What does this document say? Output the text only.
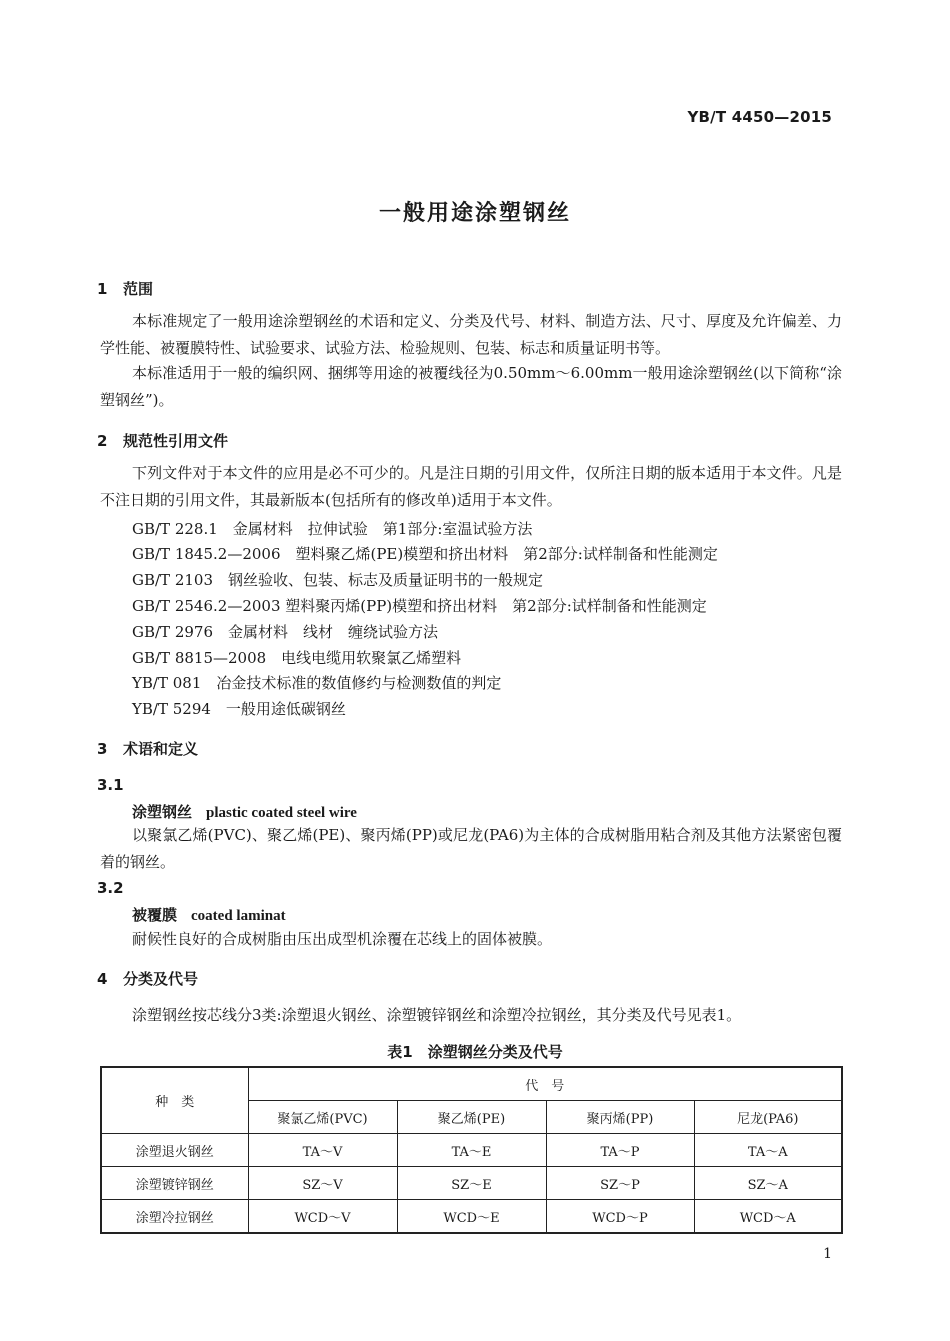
YB/T 4450—2015
一般用途涂塑钢丝
1 范围
本标准规定了一般用途涂塑钢丝的术语和定义、分类及代号、材料、制造方法、尺寸、厚度及允许偏差、力学性能、被覆膜特性、试验要求、试验方法、检验规则、包装、标志和质量证明书等。
本标准适用于一般的编织网、捆绑等用途的被覆线径为0.50mm～6.00mm一般用途涂塑钢丝(以下简称“涂塑钢丝”)。
2 规范性引用文件
下列文件对于本文件的应用是必不可少的。凡是注日期的引用文件，仅所注日期的版本适用于本文件。凡是不注日期的引用文件，其最新版本(包括所有的修改单)适用于本文件。
GB/T 228.1　金属材料　拉伸试验　第1部分:室温试验方法
GB/T 1845.2—2006　塑料聚乙烯(PE)模塑和挤出材料　第2部分:试样制备和性能测定
GB/T 2103　钢丝验收、包装、标志及质量证明书的一般规定
GB/T 2546.2—2003 塑料聚丙烯(PP)模塑和挤出材料　第2部分:试样制备和性能测定
GB/T 2976　金属材料　线材　缠绕试验方法
GB/T 8815—2008　电线电缆用软聚氯乙烯塑料
YB/T 081　冶金技术标准的数值修约与检测数值的判定
YB/T 5294　一般用途低碳钢丝
3 术语和定义
3.1
涂塑钢丝 plastic coated steel wire
以聚氯乙烯(PVC)、聚乙烯(PE)、聚丙烯(PP)或尼龙(PA6)为主体的合成树脂用粘合剂及其他方法紧密包覆着的钢丝。
3.2
被覆膜 coated laminat
耐候性良好的合成树脂由压出成型机涂覆在芯线上的固体被膜。
4 分类及代号
涂塑钢丝按芯线分3类:涂塑退火钢丝、涂塑镀锌钢丝和涂塑冷拉钢丝，其分类及代号见表1。
表1　涂塑钢丝分类及代号
种　类	代　号			
	聚氯乙烯(PVC)	聚乙烯(PE)	聚丙烯(PP)	尼龙(PA6)
涂塑退火钢丝	TA～V	TA～E	TA～P	TA～A
涂塑镀锌钢丝	SZ～V	SZ～E	SZ～P	SZ～A
涂塑冷拉钢丝	WCD～V	WCD～E	WCD～P	WCD～A
1
